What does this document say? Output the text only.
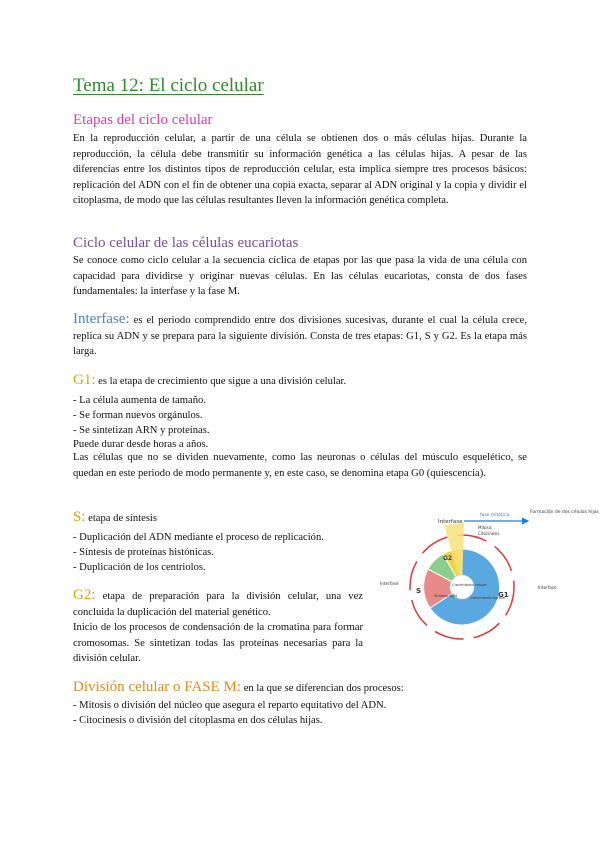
Tema 12: El ciclo celular
Etapas del ciclo celular

En la reproducción celular, a partir de una célula se obtienen dos o más células hijas. Durante la reproducción, la célula debe transmitir su información genética a las células hijas. A pesar de las diferencias entre los distintos tipos de reproducción celular, esta implica siempre tres procesos básicos: replicación del ADN con el fin de obtener una copia exacta, separar al ADN original y la copia y dividir el citoplasma, de modo que las células resultantes lleven la información genética completa.

Ciclo celular de las células eucariotas

Se conoce como ciclo celular a la secuencia cíclica de etapas por las que pasa la vida de una célula con capacidad para dividirse y originar nuevas células. En las células eucariotas, consta de dos fases fundamentales: la interfase y la fase M.

Interfase: es el periodo comprendido entre dos divisiones sucesivas, durante el cual la célula crece, replica su ADN y se prepara para la siguiente división. Consta de tres etapas: G1, S y G2. Es la etapa más larga.

G1: es la etapa de crecimiento que sigue a una división celular.

- La célula aumenta de tamaño.

- Se forman nuevos orgánulos.

- Se sintetizan ARN y proteínas.

Puede durar desde horas a años.

Las células que no se dividen nuevamente, como las neuronas o células del músculo esquelético, se quedan en este periodo de modo permanente y, en este caso, se denomina etapa G0 (quiescencia).

S: etapa de síntesis

- Duplicación del ADN mediante el proceso de replicación.

- Síntesis de proteínas histónicas.

- Duplicación de los centriolos.

G2: etapa de preparación para la división celular, una vez concluida la duplicación del material genético.

Inicio de los procesos de condensación de la cromatina para formar cromosomas. Se sintetizan todas las proteínas necesarias para la división celular.

División celular o FASE M: en la que se diferencian dos procesos:

- Mitosis o división del núcleo que asegura el reparto equitativo del ADN.

- Citocinesis o división del citoplasma en dos células hijas.

Interfase
fase mitótica
Mitosis
Citocinesis
Formación de dos células hijas
G2
S	G1
Crecimiento celular
Síntesis ADN	Crecimiento normal
Interfase
Interfase
